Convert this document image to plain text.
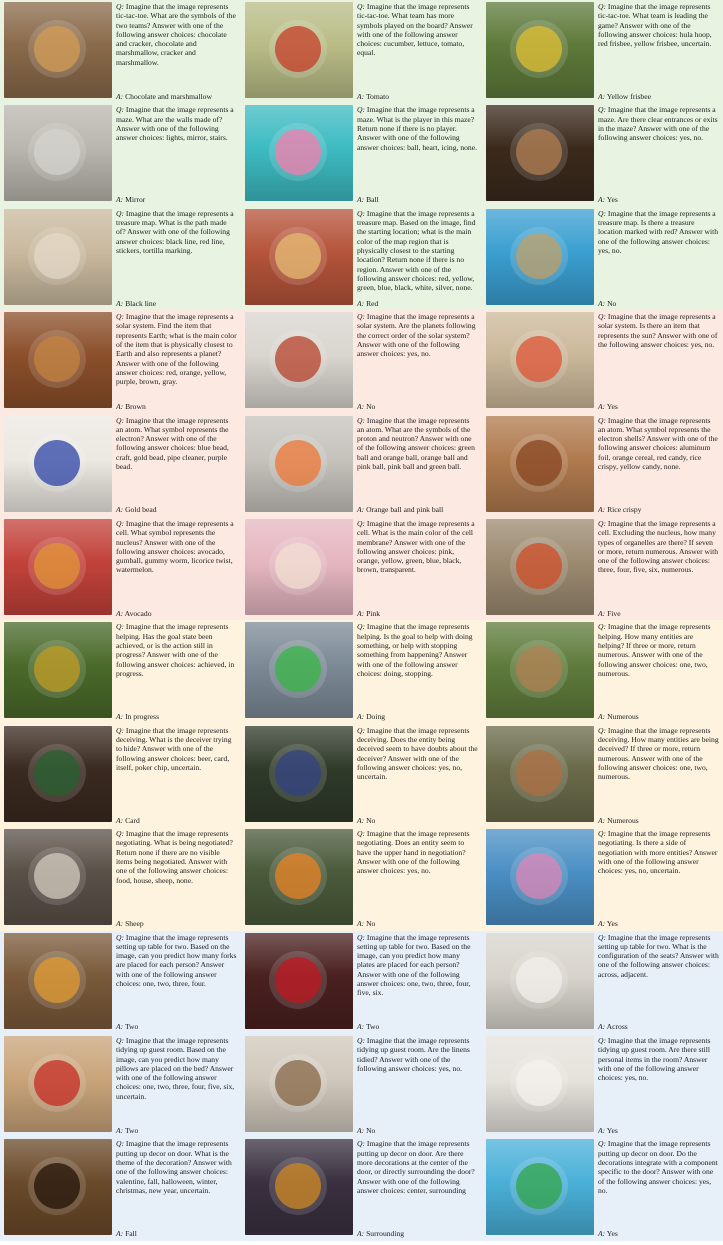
Q: Imagine that the image represents tic-tac-toe. What are the symbols of the two teams? Answer with one of the following answer choices: chocolate and cracker, chocolate and marshmallow, cracker and marshmallow.

A: Chocolate and marshmallow

Q: Imagine that the image represents tic-tac-toe. What team has more symbols played on the board? Answer with one of the following answer choices: cucumber, lettuce, tomato, equal.

A: Tomato

Q: Imagine that the image represents tic-tac-toe. What team is leading the game? Answer with one of the following answer choices: hula hoop, red frisbee, yellow frisbee, uncertain.

A: Yellow frisbee

Q: Imagine that the image represents a maze. What are the walls made of? Answer with one of the following answer choices: lights, mirror, stairs.

A: Mirror

Q: Imagine that the image represents a maze. What is the player in this maze? Return none if there is no player. Answer with one of the following answer choices: ball, heart, icing, none.

A: Ball

Q: Imagine that the image represents a maze. Are there clear entrances or exits in the maze? Answer with one of the following answer choices: yes, no.

A: Yes

Q: Imagine that the image represents a treasure map. What is the path made of? Answer with one of the following answer choices: black line, red line, stickers, tortilla marking.

A: Black line

Q: Imagine that the image represents a treasure map. Based on the image, find the starting location; what is the main color of the map region that is physically closest to the starting location? Return none if there is no region. Answer with one of the following answer choices: red, yellow, green, blue, black, white, silver, none.

A: Red

Q: Imagine that the image represents a treasure map. Is there a treasure location marked with red? Answer with one of the following answer choices: yes, no.

A: No

Q: Imagine that the image represents a solar system. Find the item that represents Earth; what is the main color of the item that is physically closest to Earth and also represents a planet? Answer with one of the following answer choices: red, orange, yellow, purple, brown, gray.

A: Brown

Q: Imagine that the image represents a solar system. Are the planets following the correct order of the solar system? Answer with one of the following answer choices: yes, no.

A: No

Q: Imagine that the image represents a solar system. Is there an item that represents the sun? Answer with one of the following answer choices: yes, no.

A: Yes

Q: Imagine that the image represents an atom. What symbol represents the electron? Answer with one of the following answer choices: blue bead, craft, gold bead, pipe cleaner, purple bead.

A: Gold bead

Q: Imagine that the image represents an atom. What are the symbols of the proton and neutron? Answer with one of the following answer choices: green ball and orange ball, orange ball and pink ball, pink ball and green ball.

A: Orange ball and pink ball

Q: Imagine that the image represents an atom. What symbol represents the electron shells? Answer with one of the following answer choices: aluminum foil, orange cereal, red candy, rice crispy, yellow candy, none.

A: Rice crispy

Q: Imagine that the image represents a cell. What symbol represents the nucleus? Answer with one of the following answer choices: avocado, gumball, gummy worm, licorice twist, watermelon.

A: Avocado

Q: Imagine that the image represents a cell. What is the main color of the cell membrane? Answer with one of the following answer choices: pink, orange, yellow, green, blue, black, brown, transparent.

A: Pink

Q: Imagine that the image represents a cell. Excluding the nucleus, how many types of organelles are there? If seven or more, return numerous. Answer with one of the following answer choices: three, four, five, six, numerous.

A: Five

Q: Imagine that the image represents helping. Has the goal state been achieved, or is the action still in progress? Answer with one of the following answer choices: achieved, in progress.

A: In progress

Q: Imagine that the image represents helping. Is the goal to help with doing something, or help with stopping something from happening? Answer with one of the following answer choices: doing, stopping.

A: Doing

Q: Imagine that the image represents helping. How many entities are helping? If three or more, return numerous. Answer with one of the following answer choices: one, two, numerous.

A: Numerous

Q: Imagine that the image represents deceiving. What is the deceiver trying to hide? Answer with one of the following answer choices: beer, card, itself, poker chip, uncertain.

A: Card

Q: Imagine that the image represents deceiving. Does the entity being deceived seem to have doubts about the deceiver? Answer with one of the following answer choices: yes, no, uncertain.

A: No

Q: Imagine that the image represents deceiving. How many entities are being deceived? If three or more, return numerous. Answer with one of the following answer choices: one, two, numerous.

A: Numerous

Q: Imagine that the image represents negotiating. What is being negotiated? Return none if there are no visible items being negotiated. Answer with one of the following answer choices: food, house, sheep, none.

A: Sheep

Q: Imagine that the image represents negotiating. Does an entity seem to have the upper hand in negotiation? Answer with one of the following answer choices: yes, no.

A: No

Q: Imagine that the image represents negotiating. Is there a side of negotiation with more entities? Answer with one of the following answer choices: yes, no, uncertain.

A: Yes

Q: Imagine that the image represents setting up table for two. Based on the image, can you predict how many forks are placed for each person? Answer with one of the following answer choices: one, two, three, four.

A: Two

Q: Imagine that the image represents setting up table for two. Based on the image, can you predict how many plates are placed for each person? Answer with one of the following answer choices: one, two, three, four, five, six.

A: Two

Q: Imagine that the image represents setting up table for two. What is the configuration of the seats? Answer with one of the following answer choices: across, adjacent.

A: Across

Q: Imagine that the image represents tidying up guest room. Based on the image, can you predict how many pillows are placed on the bed? Answer with one of the following answer choices: one, two, three, four, five, six, uncertain.

A: Two

Q: Imagine that the image represents tidying up guest room. Are the linens tidied? Answer with one of the following answer choices: yes, no.

A: No

Q: Imagine that the image represents tidying up guest room. Are there still personal items in the room? Answer with one of the following answer choices: yes, no.

A: Yes

Q: Imagine that the image represents putting up decor on door. What is the theme of the decoration? Answer with one of the following answer choices: valentine, fall, halloween, winter, christmas, new year, uncertain.

A: Fall

Q: Imagine that the image represents putting up decor on door. Are there more decorations at the center of the door, or directly surrounding the door? Answer with one of the following answer choices: center, surrounding

A: Surrounding

Q: Imagine that the image represents putting up decor on door. Do the decorations integrate with a component specific to the door? Answer with one of the following answer choices: yes, no.

A: Yes
